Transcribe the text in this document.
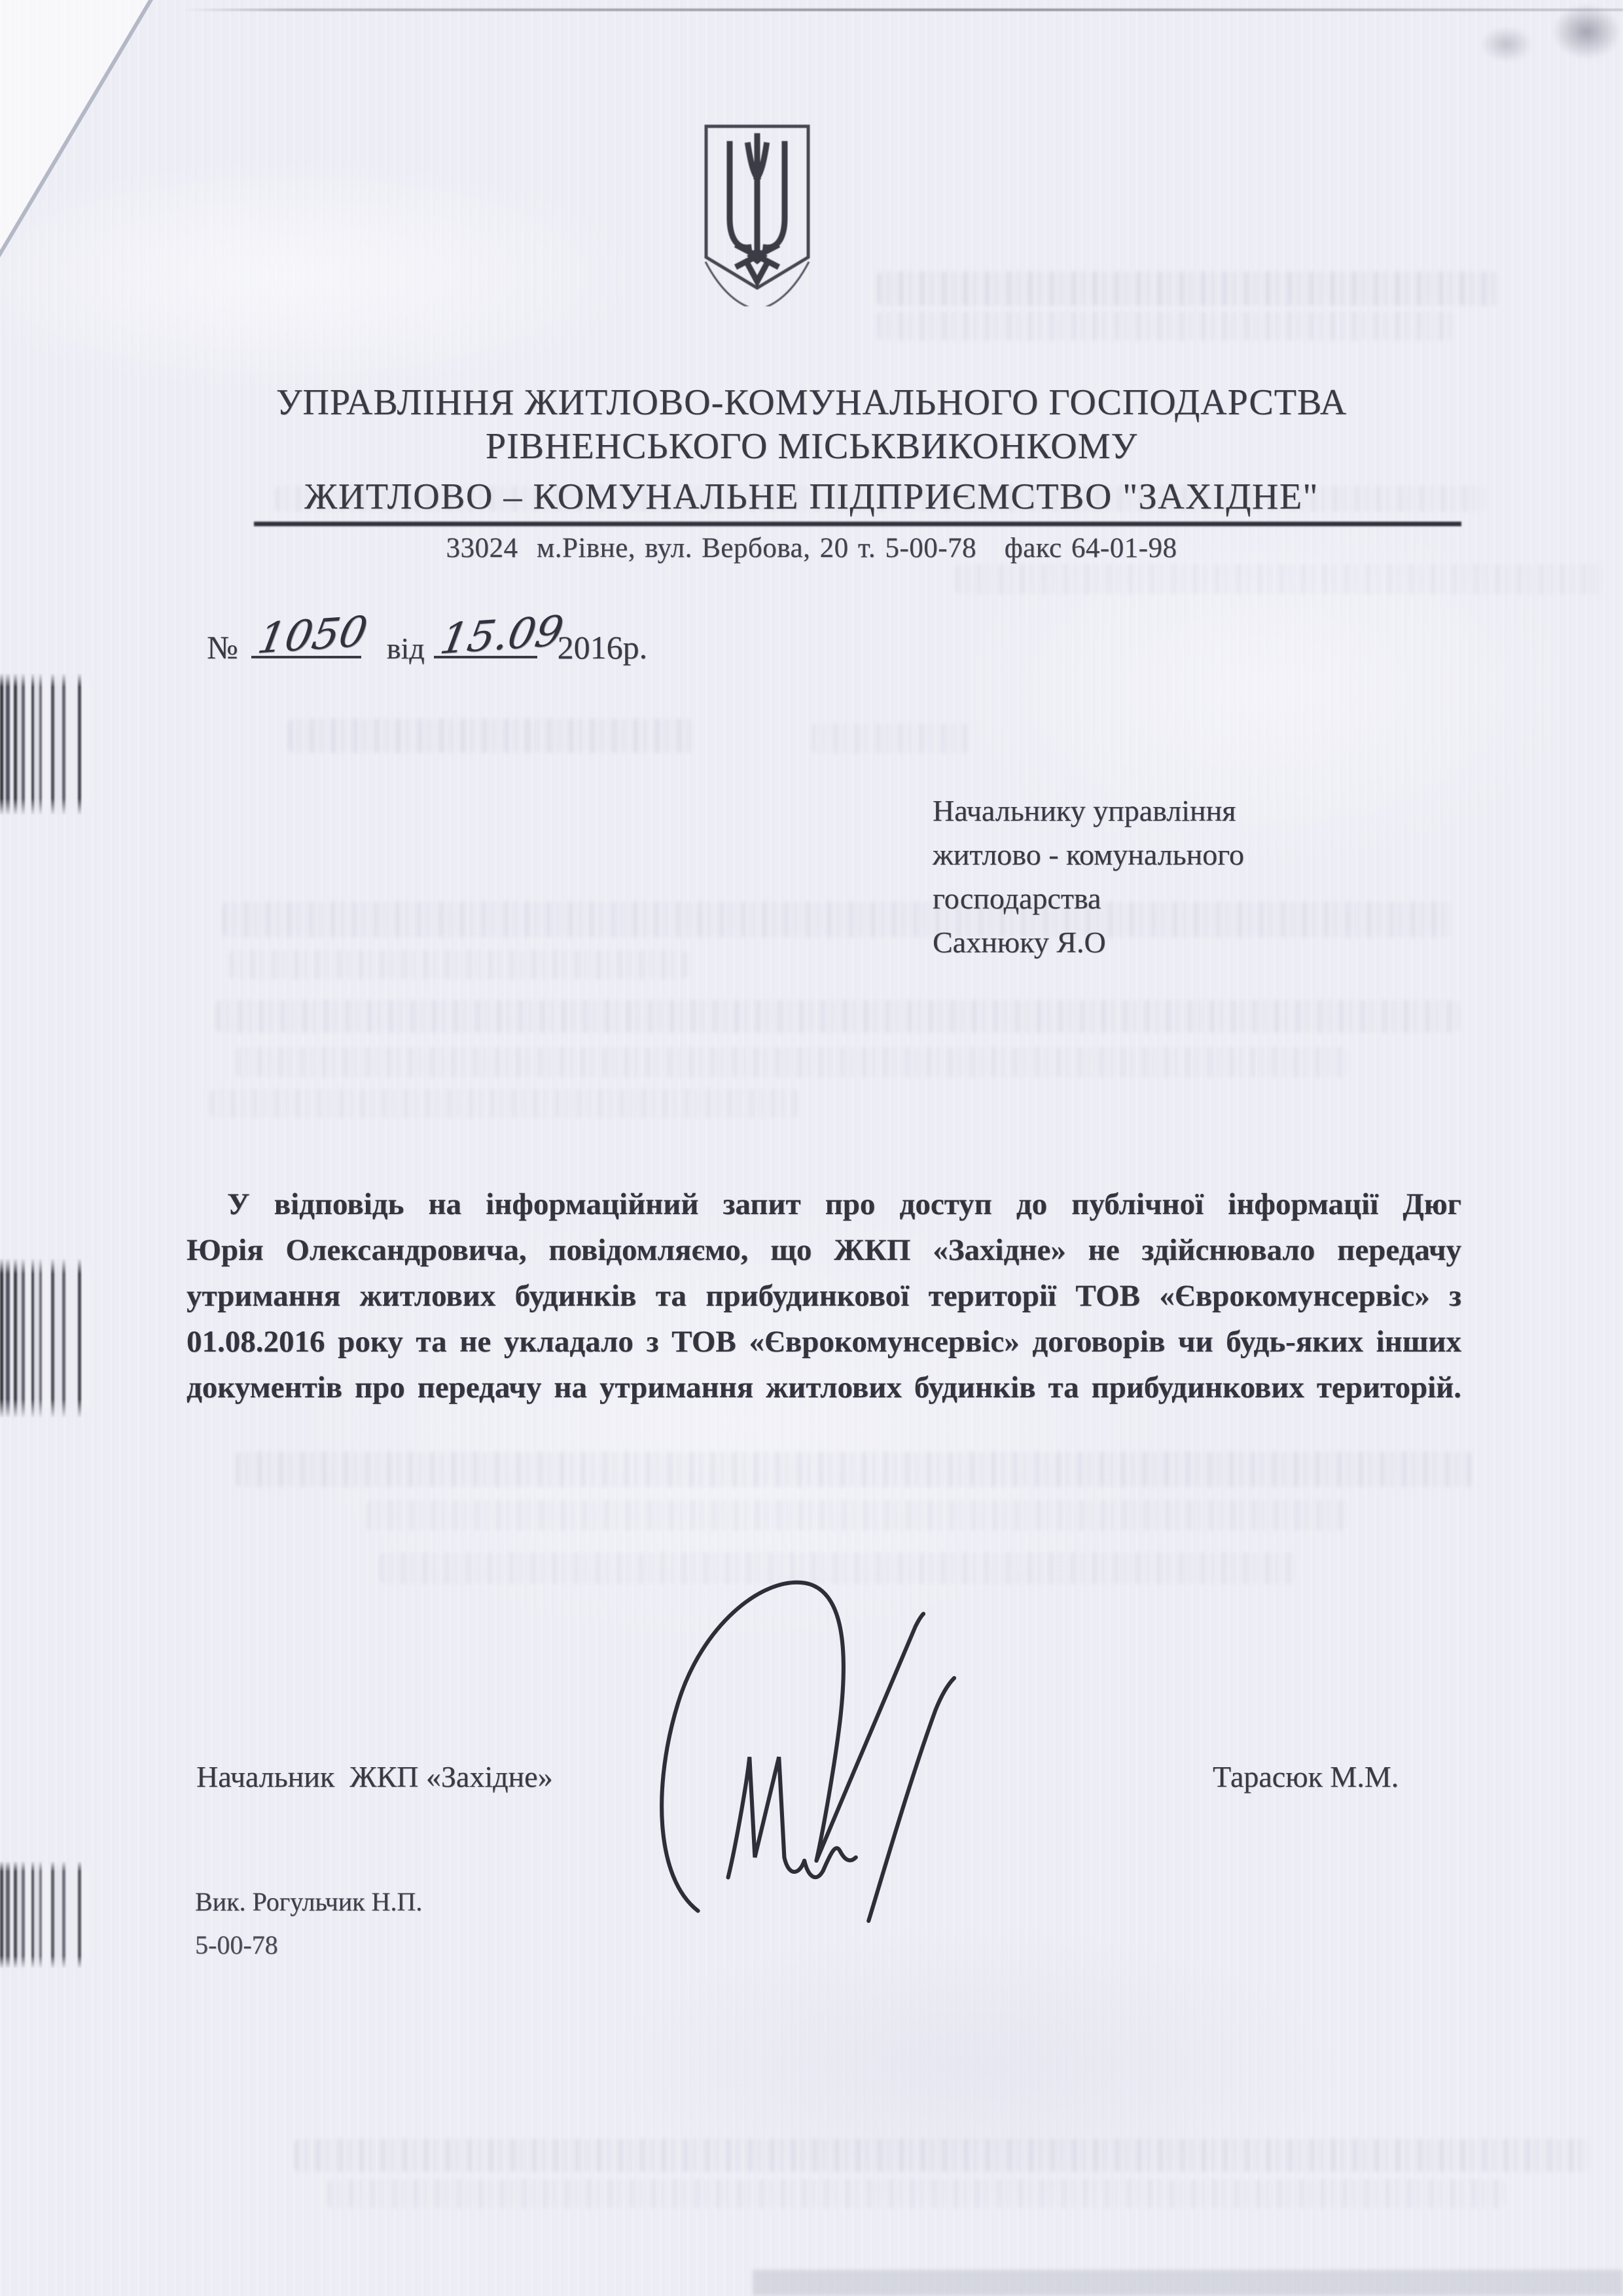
УПРАВЛІННЯ ЖИТЛОВО-КОМУНАЛЬНОГО ГОСПОДАРСТВА
РІВНЕНСЬКОГО МІСЬКВИКОНКОМУ
ЖИТЛОВО – КОМУНАЛЬНЕ ПІДПРИЄМСТВО "ЗАХІДНЕ"
33024  м.Рівне, вул. Вербова, 20 т. 5-00-78   факс 64-01-98
№ 1050 від 15.09
2016р.
Начальнику управління
житлово - комунального
господарства
Сахнюку Я.О
У відповідь на інформаційний запит про доступ до публічної інформації Дюг
Юрія Олександровича, повідомляємо, що ЖКП «Західне» не здійснювало передачу
утримання житлових будинків та прибудинкової території ТОВ «Єврокомунсервіс» з
01.08.2016 року та не укладало з ТОВ «Єврокомунсервіс» договорів чи будь-яких інших
документів про передачу на утримання житлових будинків та прибудинкових територій.
Начальник  ЖКП «Західне»	Тарасюк М.М.
Вик. Рогульчик Н.П.
5-00-78
